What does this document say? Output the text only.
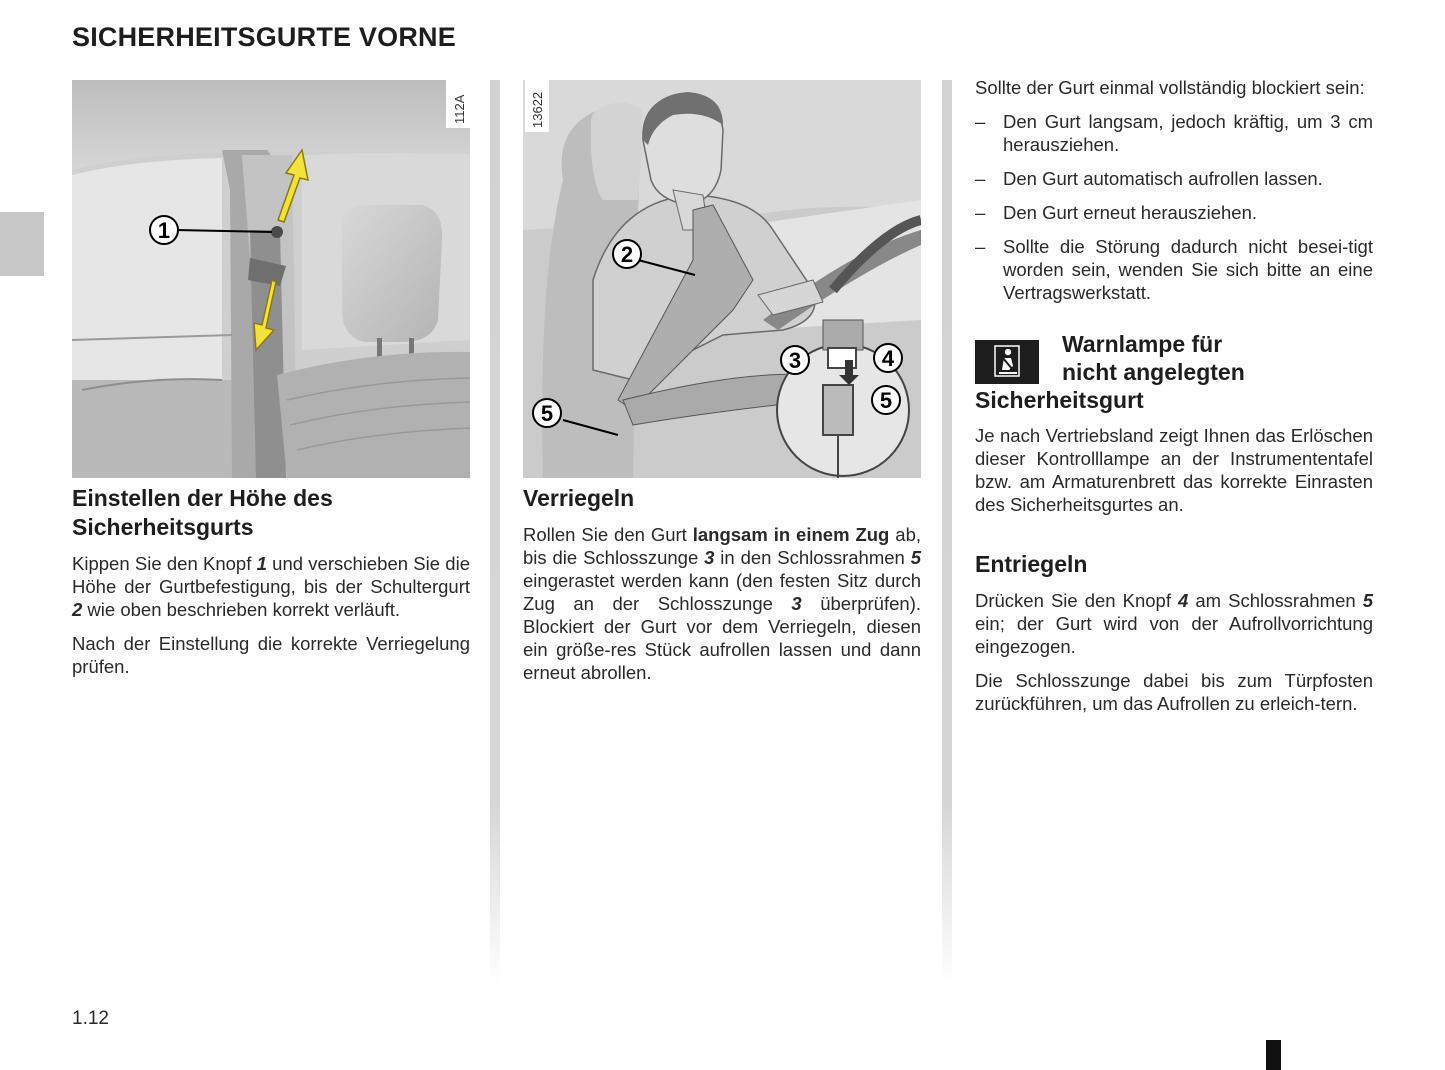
SICHERHEITSGURTE VORNE
1
112A
Einstellen der Höhe des Sicherheitsgurts

Kippen Sie den Knopf 1 und verschieben Sie die Höhe der Gurtbefestigung, bis der Schultergurt 2 wie oben beschrieben korrekt verläuft.

Nach der Einstellung die korrekte Verriegelung prüfen.

2
3	4
5
5
13622
Verriegeln

Rollen Sie den Gurt langsam in einem Zug ab, bis die Schlosszunge 3 in den Schlossrahmen 5 eingerastet werden kann (den festen Sitz durch Zug an der Schlosszunge 3 überprüfen). Blockiert der Gurt vor dem Verriegeln, diesen ein größe-res Stück aufrollen lassen und dann erneut abrollen.

Sollte der Gurt einmal vollständig blockiert sein:

– Den Gurt langsam, jedoch kräftig, um 3 cm herausziehen.
– Den Gurt automatisch aufrollen lassen.
– Den Gurt erneut herausziehen.
– Sollte die Störung dadurch nicht besei-tigt worden sein, wenden Sie sich bitte an eine Vertragswerkstatt.
Warnlampe für
nicht angelegten
Sicherheitsgurt

Je nach Vertriebsland zeigt Ihnen das Erlöschen dieser Kontrolllampe an der Instrumententafel bzw. am Armaturenbrett das korrekte Einrasten des Sicherheitsgurtes an.

Entriegeln

Drücken Sie den Knopf 4 am Schlossrahmen 5 ein; der Gurt wird von der Aufrollvorrichtung eingezogen.

Die Schlosszunge dabei bis zum Türpfosten zurückführen, um das Aufrollen zu erleich-tern.

1.12
